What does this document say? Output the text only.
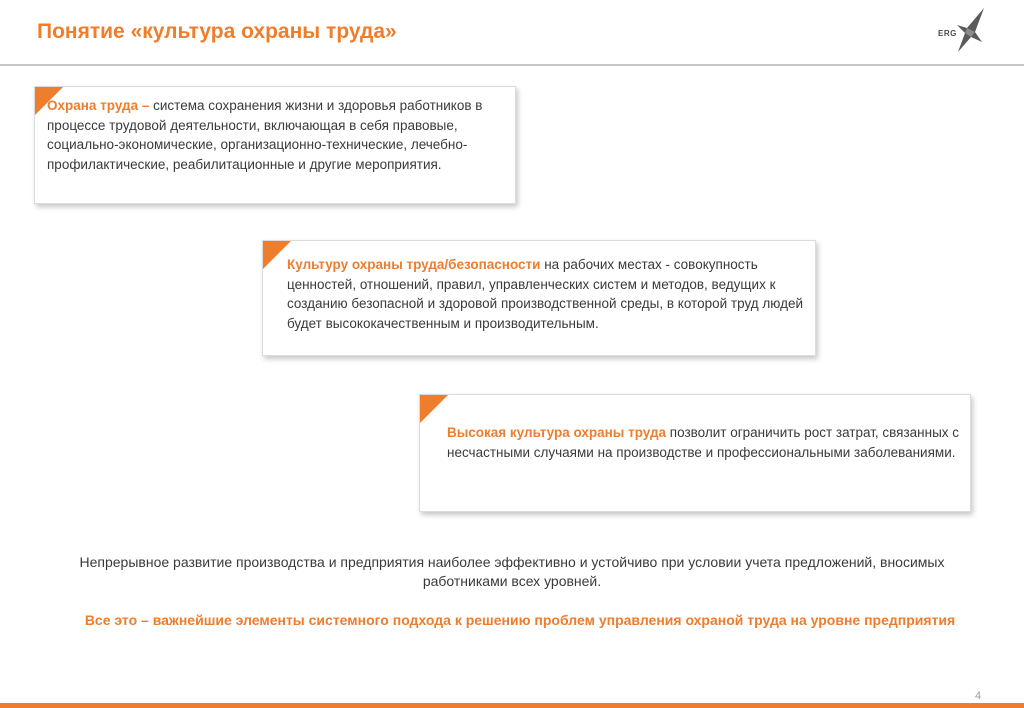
Понятие «культура охраны труда»	ERG
Охрана труда – система сохранения жизни и здоровья работников в процессе трудовой деятельности, включающая в себя правовые, социально-экономические, организационно-технические, лечебно-профилактические, реабилитационные и другие мероприятия.
Культуру охраны труда/безопасности на рабочих местах - совокупность ценностей, отношений, правил, управленческих систем и методов, ведущих к созданию безопасной и здоровой производственной среды, в которой труд людей будет высококачественным и производительным.
Высокая культура охраны труда позволит ограничить рост затрат, связанных с несчастными случаями на производстве и профессиональными заболеваниями.
Непрерывное развитие производства и предприятия наиболее эффективно и устойчиво при условии учета предложений, вносимых работниками всех уровней.
Все это – важнейшие элементы системного подхода к решению проблем управления охраной труда на уровне предприятия
4
